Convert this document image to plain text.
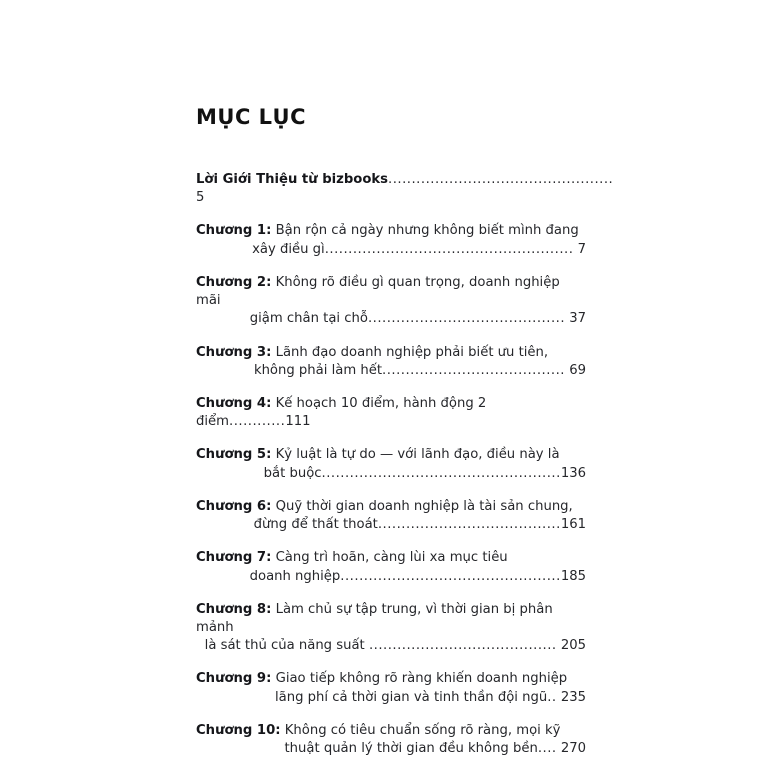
MỤC LỤC
Lời Giới Thiệu từ bizbooks................................................ 5
Chương 1: Bận rộn cả ngày nhưng không biết mình đang
xây điều gì..................................................... 7
Chương 2: Không rõ điều gì quan trọng, doanh nghiệp mãi
giậm chân tại chỗ.......................................... 37
Chương 3: Lãnh đạo doanh nghiệp phải biết ưu tiên,
không phải làm hết....................................... 69
Chương 4: Kế hoạch 10 điểm, hành động 2 điểm............111
Chương 5: Kỷ luật là tự do — với lãnh đạo, điều này là
bắt buộc...................................................136
Chương 6: Quỹ thời gian doanh nghiệp là tài sản chung,
đừng để thất thoát.......................................161
Chương 7: Càng trì hoãn, càng lùi xa mục tiêu
doanh nghiệp...............................................185
Chương 8: Làm chủ sự tập trung, vì thời gian bị phân mảnh
là sát thủ của năng suất ........................................ 205
Chương 9: Giao tiếp không rõ ràng khiến doanh nghiệp
lãng phí cả thời gian và tinh thần đội ngũ.. 235
Chương 10: Không có tiêu chuẩn sống rõ ràng, mọi kỹ
thuật quản lý thời gian đều không bền.... 270
